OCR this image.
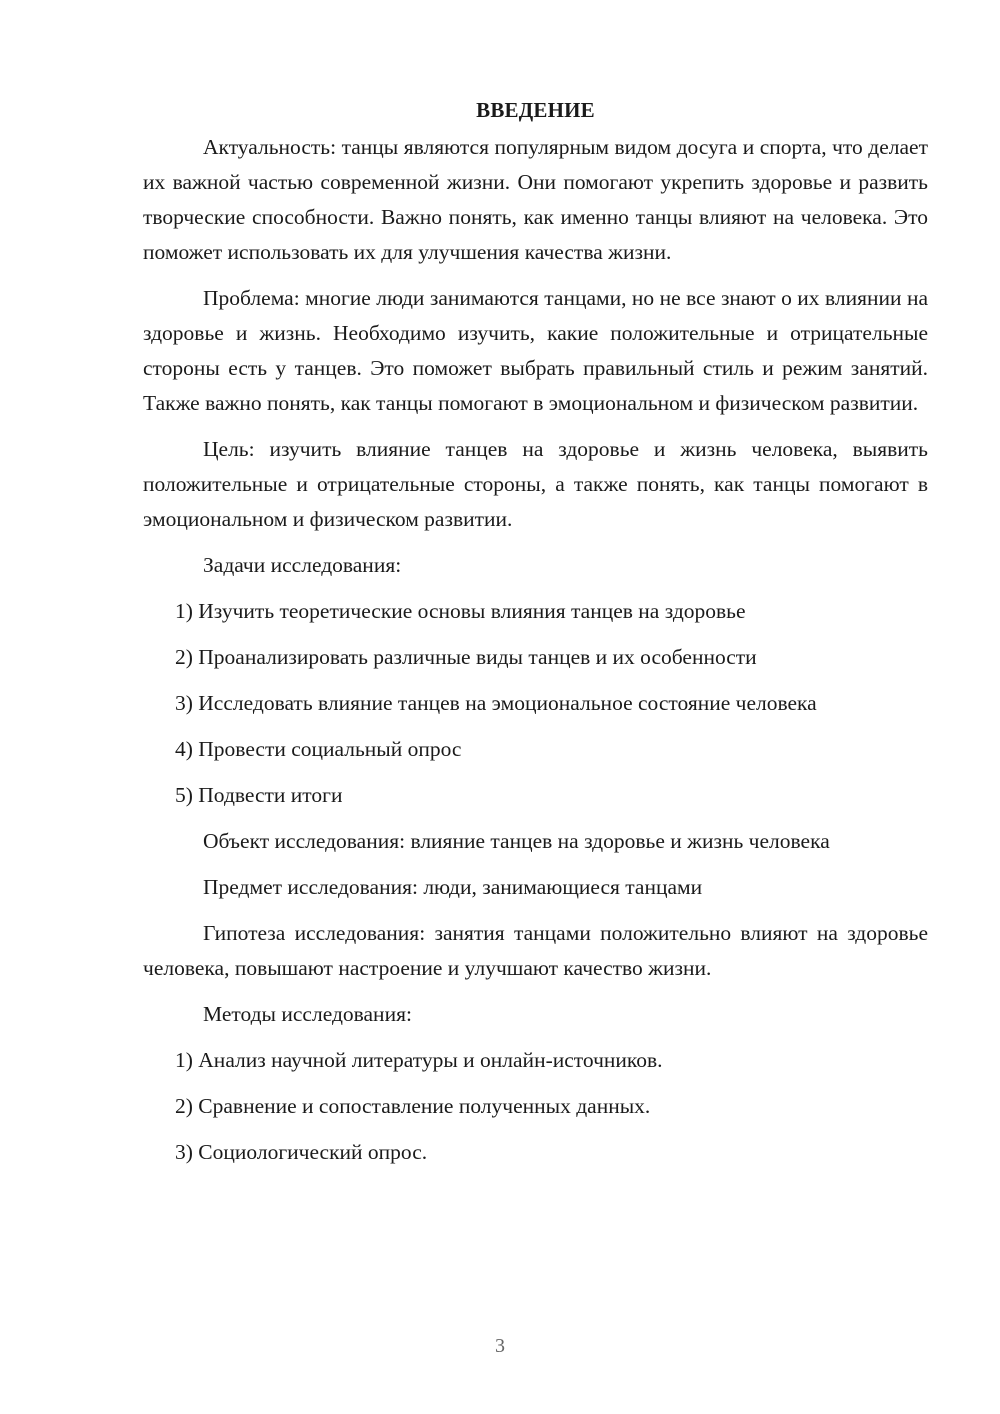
ВВЕДЕНИЕ

Актуальность: танцы являются популярным видом досуга и спорта, что делает их важной частью современной жизни. Они помогают укрепить здоровье и развить творческие способности. Важно понять, как именно танцы влияют на человека. Это поможет использовать их для улучшения качества жизни.

Проблема: многие люди занимаются танцами, но не все знают о их влиянии на здоровье и жизнь. Необходимо изучить, какие положительные и отрицательные стороны есть у танцев. Это поможет выбрать правильный стиль и режим занятий. Также важно понять, как танцы помогают в эмоциональном и физическом развитии.

Цель: изучить влияние танцев на здоровье и жизнь человека, выявить положительные и отрицательные стороны, а также понять, как танцы помогают в эмоциональном и физическом развитии.

Задачи исследования:
1) Изучить теоретические основы влияния танцев на здоровье
2) Проанализировать различные виды танцев и их особенности
3) Исследовать влияние танцев на эмоциональное состояние человека
4) Провести социальный опрос
5) Подвести итоги
Объект исследования: влияние танцев на здоровье и жизнь человека
Предмет исследования: люди, занимающиеся танцами

Гипотеза исследования: занятия танцами положительно влияют на здоровье человека, повышают настроение и улучшают качество жизни.

Методы исследования:
1) Анализ научной литературы и онлайн-источников.
2) Сравнение и сопоставление полученных данных.
3) Социологический опрос.
3
